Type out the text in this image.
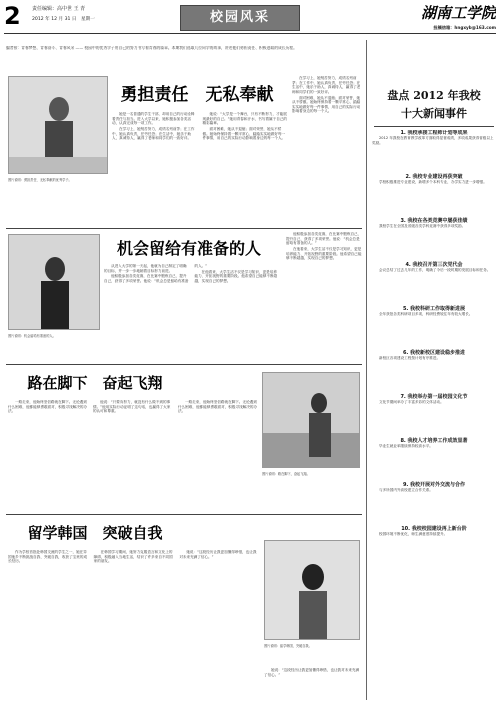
2	责任编辑：高中世 王 青
2012 年 12 月 31 日　星期一	校园风采	湖南工学院
投稿信箱：hngxyb@163.com
编者按：青春梦想、青春奋斗、青春风采 —— 校园中的优秀学子用自己的努力书写着青春的篇章。本期我们选取几位同学的故事，讲述他们勇担责任、积极进取的成长历程。
图片说明：勇担责任、无私奉献的优秀学子。
勇担责任　无私奉献

她是一名普通的学生干部，却用自己的行动诠释着责任与担当。进入大学以来，她积极参加各类活动，认真完成每一项工作。

在学习上，她刻苦努力，成绩名列前茅；在工作中，她认真负责，任劳任怨；在生活中，她乐于助人，真诚待人，赢得了老师和同学们的一致好评。

她说：“大学是一个舞台，只有不断努力，才能展现最好的自己。”她用青春和汗水，书写着属于自己的精彩篇章。

面对困难，她从不退缩；面对荣誉，她从不骄傲。她始终保持着一颗平常心，踏踏实实地做好每一件事情，用自己的实际行动影响着身边的每一个人。

在学习上，她刻苦努力，成绩名列前茅；在工作中，她认真负责，任劳任怨；在生活中，她乐于助人，真诚待人，赢得了老师和同学们的一致好评。

面对困难，她从不退缩；面对荣誉，她从不骄傲。她始终保持着一颗平常心，踏踏实实地做好每一件事情，用自己的实际行动影响着身边的每一个人。

图片说明：机会留给有准备的人。
机会留给有准备的人

从进入大学的第一天起，他就为自己制定了明确的目标，并一步一步地朝着目标努力前进。

他积极参加各类竞赛，在比赛中锻炼自己、提升自己，获得了多项荣誉。他说：“机会总是留给有准备的人。”

在他看来，大学生活不仅是学习知识，更是培养能力、开拓视野的重要阶段。他希望自己能够不断超越，实现自己的梦想。

他积极参加各类竞赛，在比赛中锻炼自己、提升自己，获得了多项荣誉。他说：“机会总是留给有准备的人。”

在他看来，大学生活不仅是学习知识，更是培养能力、开拓视野的重要阶段。他希望自己能够不断超越，实现自己的梦想。

路在脚下　奋起飞翔

一路走来，他始终坚信路就在脚下。无论遇到什么困难，他都能够勇敢面对，积极寻找解决的办法。

他说：“只要肯努力，就没有什么做不到的事情。”他用实际行动证明了这句话，也赢得了大家的认可和尊重。

一路走来，他始终坚信路就在脚下。无论遇到什么困难，他都能够勇敢面对，积极寻找解决的办法。

图片说明：路在脚下，奋起飞翔。
留学韩国　突破自我

作为学校首批赴韩国交流的学生之一，她在异国他乡不断挑战自我、突破自我，收获了宝贵的成长经历。

在韩国学习期间，她努力克服语言和文化上的障碍，积极融入当地生活，结识了许多来自不同国家的朋友。

她说：“这段经历让我更加懂得珍惜，也让我对未来充满了信心。”

图片说明：留学韩国，突破自我。

她说：“这段经历让我更加懂得珍惜，也让我对未来充满了信心。”

盘点 2012 年我校
十大新闻事件
1. 我校承接工程师计划等成果
2012 年我校在教育教学改革方面取得显著成绩，多项成果获得省级以上奖励。
2. 我校专业建设再获突破
学校积极推进专业建设，新增多个本科专业，办学实力进一步增强。
3. 我校在各类竞赛中屡获佳绩
我校学生在全国及省级各类学科竞赛中获得多项奖励。
4. 我校召开第三次党代会
会议总结了过去几年的工作，明确了今后一段时期的发展目标和任务。
5. 我校科研工作取得新进展
全年获批各类科研项目多项，科研经费较往年有较大增长。
6. 我校新校区建设稳步推进
新校区各项建设工程按计划有序推进。
7. 我校举办第一届校园文化节
文化节期间举办了丰富多彩的文体活动。
8. 我校人才培养工作成效显著
毕业生就业率继续保持较高水平。
9. 我校开展对外交流与合作
与多所国内外高校建立合作关系。
10. 我校校园建设再上新台阶
校园环境不断优化，师生满意度持续提升。
